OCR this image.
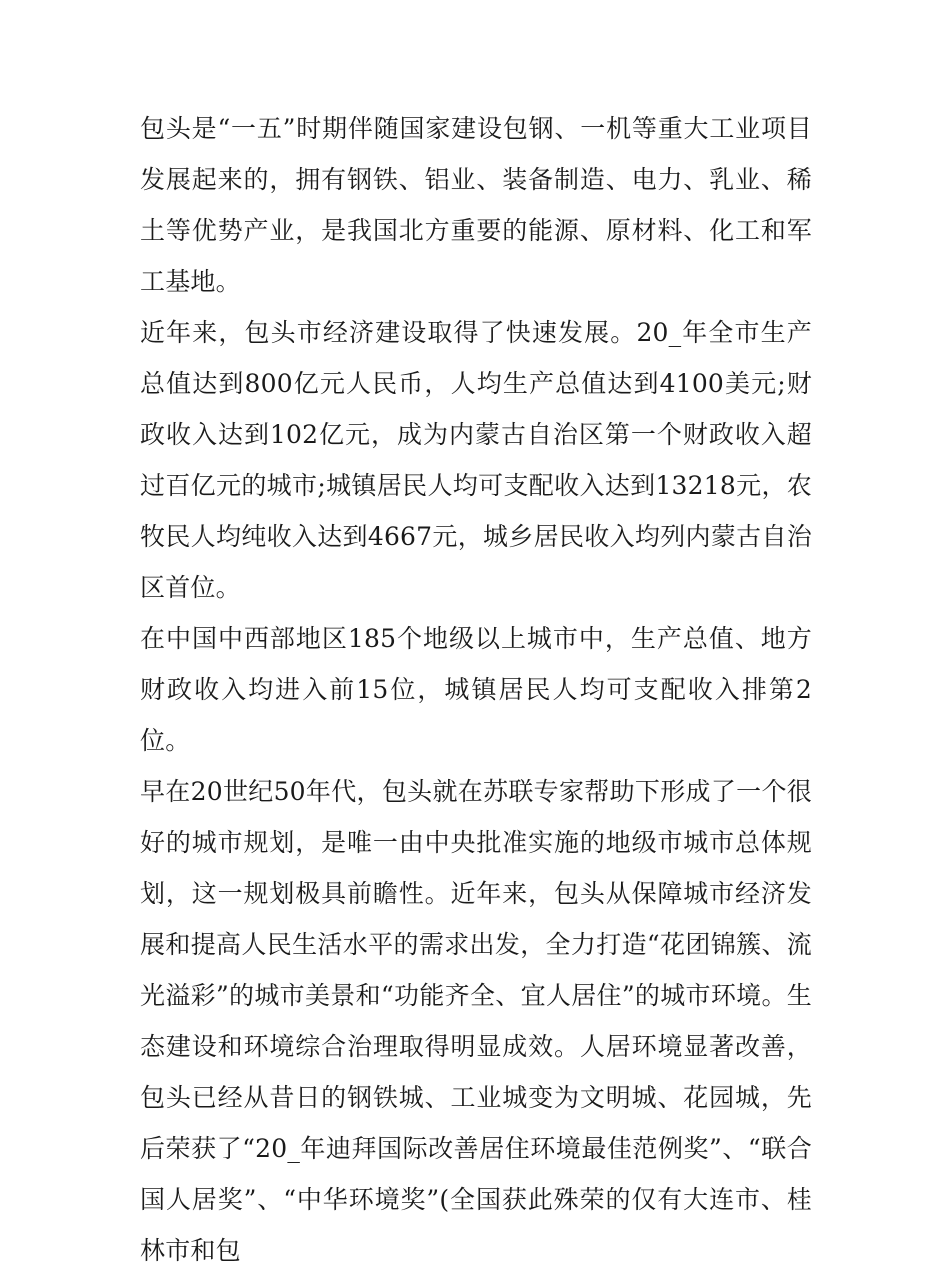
包头是“一五”时期伴随国家建设包钢、一机等重大工业项目发展起来的，拥有钢铁、铝业、装备制造、电力、乳业、稀土等优势产业，是我国北方重要的能源、原材料、化工和军工基地。

近年来，包头市经济建设取得了快速发展。20_年全市生产总值达到800亿元人民币，人均生产总值达到4100美元;财政收入达到102亿元，成为内蒙古自治区第一个财政收入超过百亿元的城市;城镇居民人均可支配收入达到13218元，农牧民人均纯收入达到4667元，城乡居民收入均列内蒙古自治区首位。

在中国中西部地区185个地级以上城市中，生产总值、地方财政收入均进入前15位，城镇居民人均可支配收入排第2位。

早在20世纪50年代，包头就在苏联专家帮助下形成了一个很好的城市规划，是唯一由中央批准实施的地级市城市总体规划，这一规划极具前瞻性。近年来，包头从保障城市经济发展和提高人民生活水平的需求出发，全力打造“花团锦簇、流光溢彩”的城市美景和“功能齐全、宜人居住”的城市环境。生态建设和环境综合治理取得明显成效。人居环境显著改善，包头已经从昔日的钢铁城、工业城变为文明城、花园城，先后荣获了“20_年迪拜国际改善居住环境最佳范例奖”、“联合国人居奖”、“中华环境奖”(全国获此殊荣的仅有大连市、桂林市和包
